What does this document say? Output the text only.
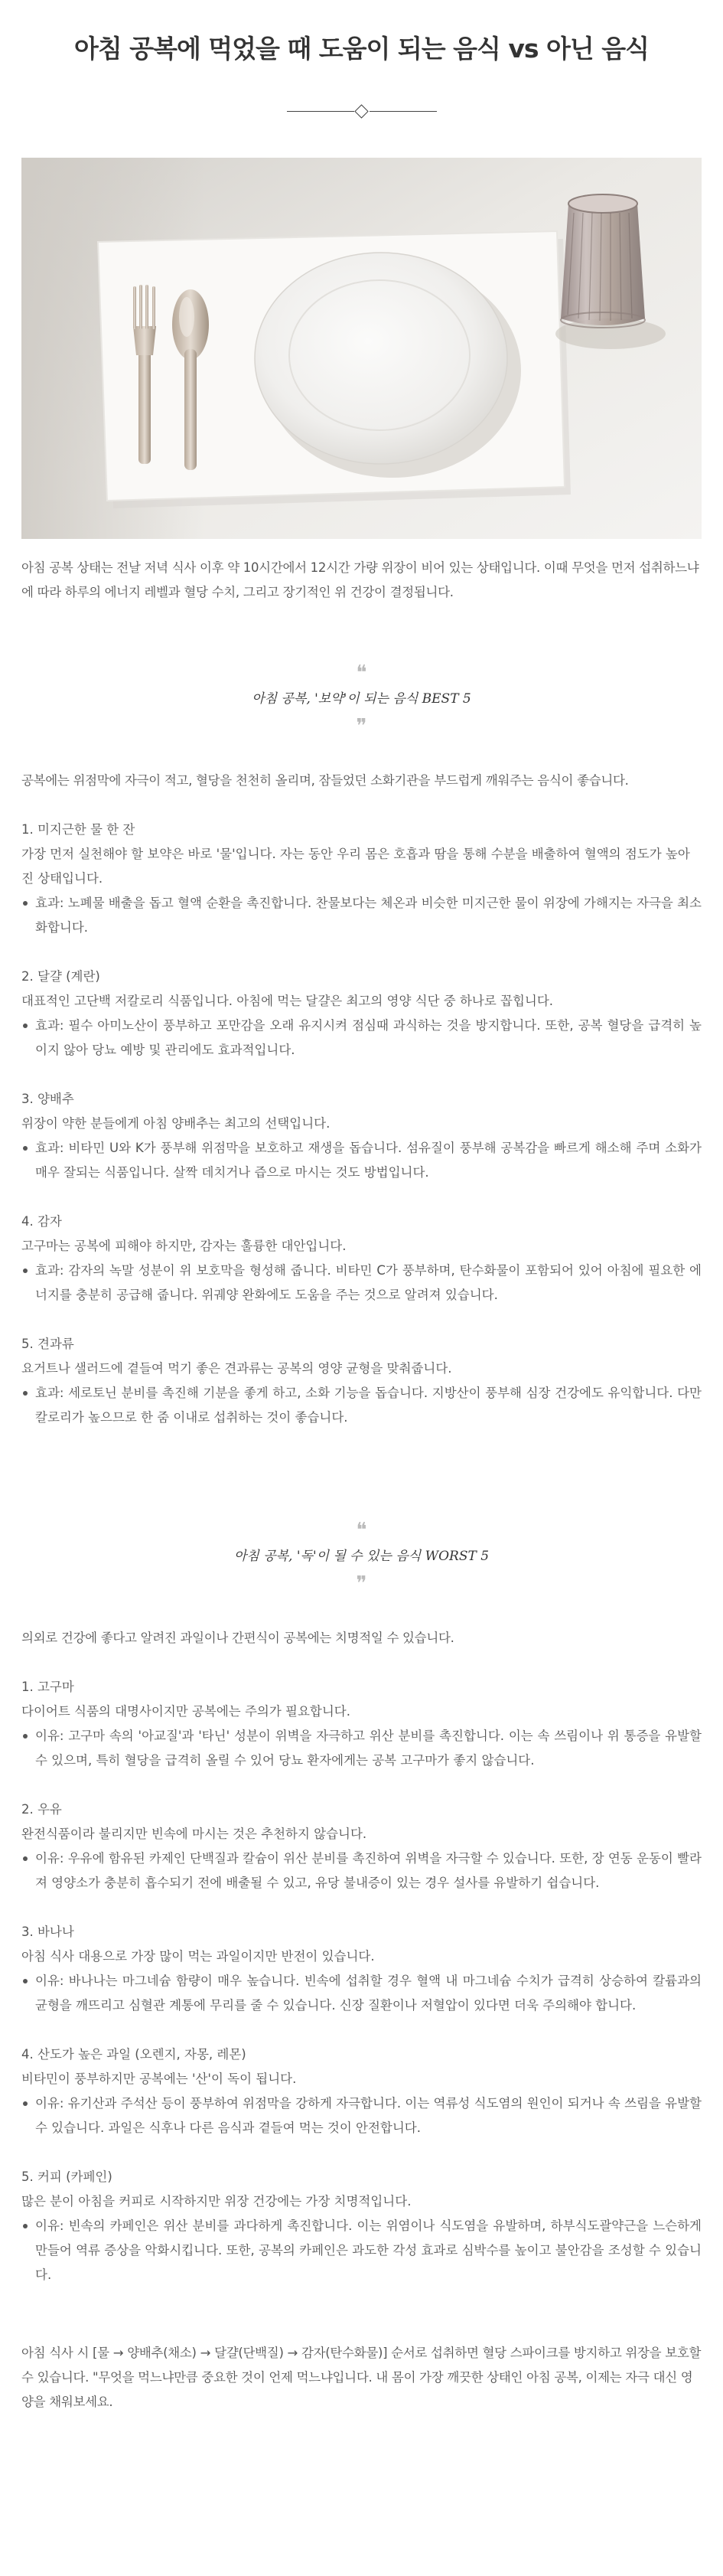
아침 공복에 먹었을 때 도움이 되는 음식 vs 아닌 음식

아침 공복 상태는 전날 저녁 식사 이후 약 10시간에서 12시간 가량 위장이 비어 있는 상태입니다. 이때 무엇을 먼저 섭취하느냐에 따라 하루의 에너지 레벨과 혈당 수치, 그리고 장기적인 위 건강이 결정됩니다.

❝
아침 공복, '보약'이 되는 음식 BEST 5
❞

공복에는 위점막에 자극이 적고, 혈당을 천천히 올리며, 잠들었던 소화기관을 부드럽게 깨워주는 음식이 좋습니다.

1. 미지근한 물 한 잔
가장 먼저 실천해야 할 보약은 바로 '물'입니다. 자는 동안 우리 몸은 호흡과 땀을 통해 수분을 배출하여 혈액의 점도가 높아진 상태입니다.
효과: 노폐물 배출을 돕고 혈액 순환을 촉진합니다. 찬물보다는 체온과 비슷한 미지근한 물이 위장에 가해지는 자극을 최소화합니다.
2. 달걀 (계란)
대표적인 고단백 저칼로리 식품입니다. 아침에 먹는 달걀은 최고의 영양 식단 중 하나로 꼽힙니다.
효과: 필수 아미노산이 풍부하고 포만감을 오래 유지시켜 점심때 과식하는 것을 방지합니다. 또한, 공복 혈당을 급격히 높이지 않아 당뇨 예방 및 관리에도 효과적입니다.
3. 양배추
위장이 약한 분들에게 아침 양배추는 최고의 선택입니다.
효과: 비타민 U와 K가 풍부해 위점막을 보호하고 재생을 돕습니다. 섬유질이 풍부해 공복감을 빠르게 해소해 주며 소화가 매우 잘되는 식품입니다. 살짝 데치거나 즙으로 마시는 것도 방법입니다.
4. 감자
고구마는 공복에 피해야 하지만, 감자는 훌륭한 대안입니다.
효과: 감자의 녹말 성분이 위 보호막을 형성해 줍니다. 비타민 C가 풍부하며, 탄수화물이 포함되어 있어 아침에 필요한 에너지를 충분히 공급해 줍니다. 위궤양 완화에도 도움을 주는 것으로 알려져 있습니다.
5. 견과류
요거트나 샐러드에 곁들여 먹기 좋은 견과류는 공복의 영양 균형을 맞춰줍니다.
효과: 세로토닌 분비를 촉진해 기분을 좋게 하고, 소화 기능을 돕습니다. 지방산이 풍부해 심장 건강에도 유익합니다. 다만 칼로리가 높으므로 한 줌 이내로 섭취하는 것이 좋습니다.
❝
아침 공복, '독'이 될 수 있는 음식 WORST 5
❞

의외로 건강에 좋다고 알려진 과일이나 간편식이 공복에는 치명적일 수 있습니다.

1. 고구마
다이어트 식품의 대명사이지만 공복에는 주의가 필요합니다.
이유: 고구마 속의 '아교질'과 '타닌' 성분이 위벽을 자극하고 위산 분비를 촉진합니다. 이는 속 쓰림이나 위 통증을 유발할 수 있으며, 특히 혈당을 급격히 올릴 수 있어 당뇨 환자에게는 공복 고구마가 좋지 않습니다.
2. 우유
완전식품이라 불리지만 빈속에 마시는 것은 추천하지 않습니다.
이유: 우유에 함유된 카제인 단백질과 칼슘이 위산 분비를 촉진하여 위벽을 자극할 수 있습니다. 또한, 장 연동 운동이 빨라져 영양소가 충분히 흡수되기 전에 배출될 수 있고, 유당 불내증이 있는 경우 설사를 유발하기 쉽습니다.
3. 바나나
아침 식사 대용으로 가장 많이 먹는 과일이지만 반전이 있습니다.
이유: 바나나는 마그네슘 함량이 매우 높습니다. 빈속에 섭취할 경우 혈액 내 마그네슘 수치가 급격히 상승하여 칼륨과의 균형을 깨뜨리고 심혈관 계통에 무리를 줄 수 있습니다. 신장 질환이나 저혈압이 있다면 더욱 주의해야 합니다.
4. 산도가 높은 과일 (오렌지, 자몽, 레몬)
비타민이 풍부하지만 공복에는 '산'이 독이 됩니다.
이유: 유기산과 주석산 등이 풍부하여 위점막을 강하게 자극합니다. 이는 역류성 식도염의 원인이 되거나 속 쓰림을 유발할 수 있습니다. 과일은 식후나 다른 음식과 곁들여 먹는 것이 안전합니다.
5. 커피 (카페인)
많은 분이 아침을 커피로 시작하지만 위장 건강에는 가장 치명적입니다.
이유: 빈속의 카페인은 위산 분비를 과다하게 촉진합니다. 이는 위염이나 식도염을 유발하며, 하부식도괄약근을 느슨하게 만들어 역류 증상을 악화시킵니다. 또한, 공복의 카페인은 과도한 각성 효과로 심박수를 높이고 불안감을 조성할 수 있습니다.

아침 식사 시 [물 → 양배추(채소) → 달걀(단백질) → 감자(탄수화물)] 순서로 섭취하면 혈당 스파이크를 방지하고 위장을 보호할 수 있습니다. "무엇을 먹느냐만큼 중요한 것이 언제 먹느냐입니다. 내 몸이 가장 깨끗한 상태인 아침 공복, 이제는 자극 대신 영양을 채워보세요.
